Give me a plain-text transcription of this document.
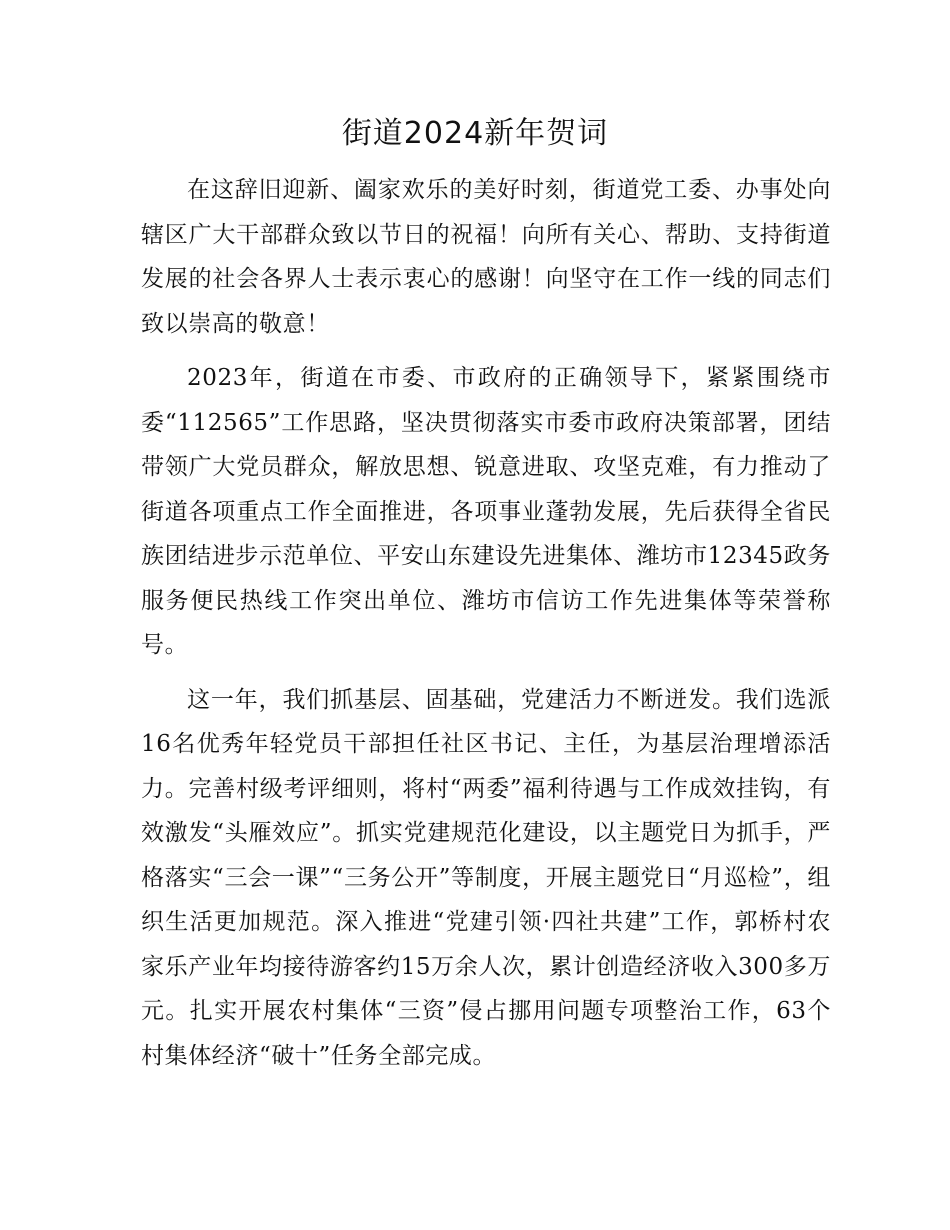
街道2024新年贺词

在这辞旧迎新、阖家欢乐的美好时刻，街道党工委、办事处向辖区广大干部群众致以节日的祝福！向所有关心、帮助、支持街道发展的社会各界人士表示衷心的感谢！向坚守在工作一线的同志们致以崇高的敬意！

2023年，街道在市委、市政府的正确领导下，紧紧围绕市委“112565”工作思路，坚决贯彻落实市委市政府决策部署，团结带领广大党员群众，解放思想、锐意进取、攻坚克难，有力推动了街道各项重点工作全面推进，各项事业蓬勃发展，先后获得全省民族团结进步示范单位、平安山东建设先进集体、潍坊市12345政务服务便民热线工作突出单位、潍坊市信访工作先进集体等荣誉称号。

这一年，我们抓基层、固基础，党建活力不断迸发。我们选派16名优秀年轻党员干部担任社区书记、主任，为基层治理增添活力。完善村级考评细则，将村“两委”福利待遇与工作成效挂钩，有效激发“头雁效应”。抓实党建规范化建设，以主题党日为抓手，严格落实“三会一课”“三务公开”等制度，开展主题党日“月巡检”，组织生活更加规范。深入推进“党建引领·四社共建”工作，郭桥村农家乐产业年均接待游客约15万余人次，累计创造经济收入300多万元。扎实开展农村集体“三资”侵占挪用问题专项整治工作，63个村集体经济“破十”任务全部完成。
